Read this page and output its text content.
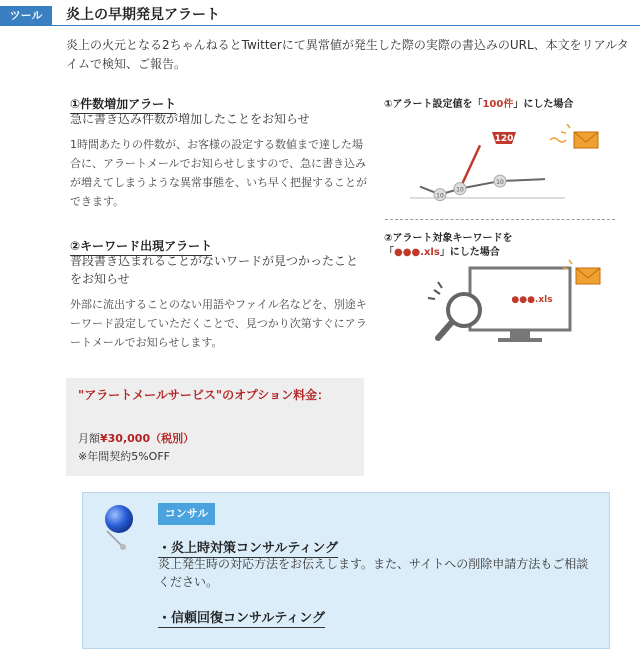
ツール	炎上の早期発見アラート

炎上の火元となる2ちゃんねるとTwitterにて異常値が発生した際の実際の書込みのURL、本文をリアルタイムで検知、ご報告。

①件数増加アラート
急に書き込み件数が増加したことをお知らせ

1時間あたりの件数が、お客様の設定する数値まで達した場合に、アラートメールでお知らせしますので、急に書き込みが増えてしまうような異常事態を、いち早く把握することができます。

②キーワード出現アラート
普段書き込まれることがないワードが見つかったことをお知らせ

外部に流出することのない用語やファイル名などを、別途キーワード設定していただくことで、見つかり次第すぐにアラートメールでお知らせします。

①アラート設定値を「100件」にした場合
10
10
10
120
②アラート対象キーワードを
「●●●.xls」にした場合
●●●.xls
"アラートメールサービス"のオプション料金：
月額¥30,000（税別）
※年間契約5%OFF
コンサル
・炎上時対策コンサルティング

炎上発生時の対応方法をお伝えします。また、サイトへの削除申請方法もご相談ください。

・信頼回復コンサルティング
